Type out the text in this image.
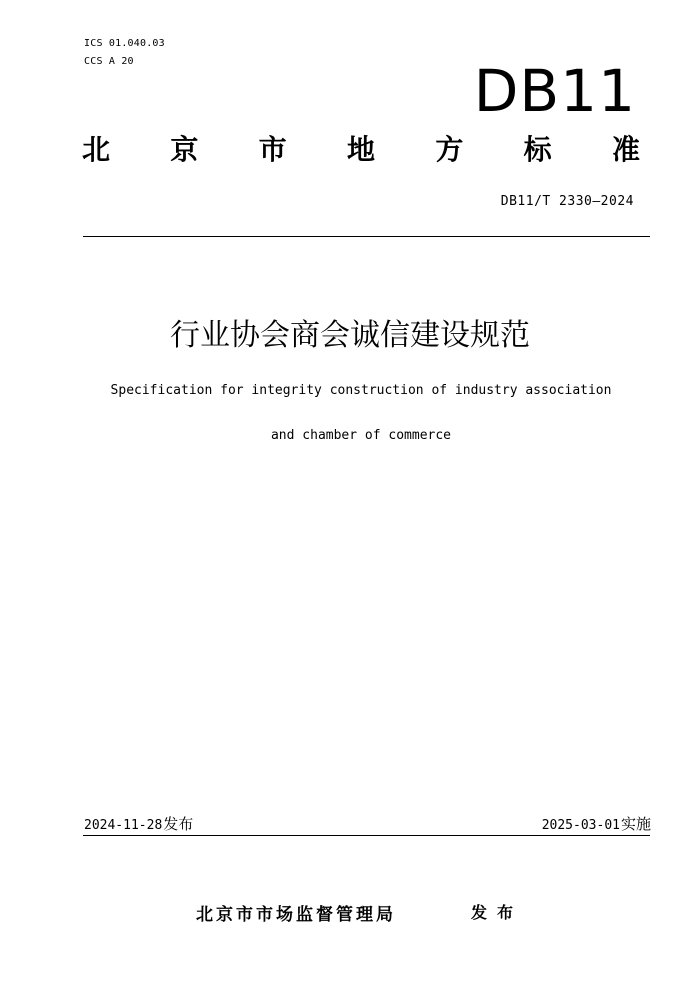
ICS 01.040.03
CCS A 20	DB11
北 京 市 地 方 标 准
DB11/T 2330—2024
行业协会商会诚信建设规范
Specification for integrity construction of industry association
and chamber of commerce
2024-11-28发布	2025-03-01实施
北京市市场监督管理局	发布
